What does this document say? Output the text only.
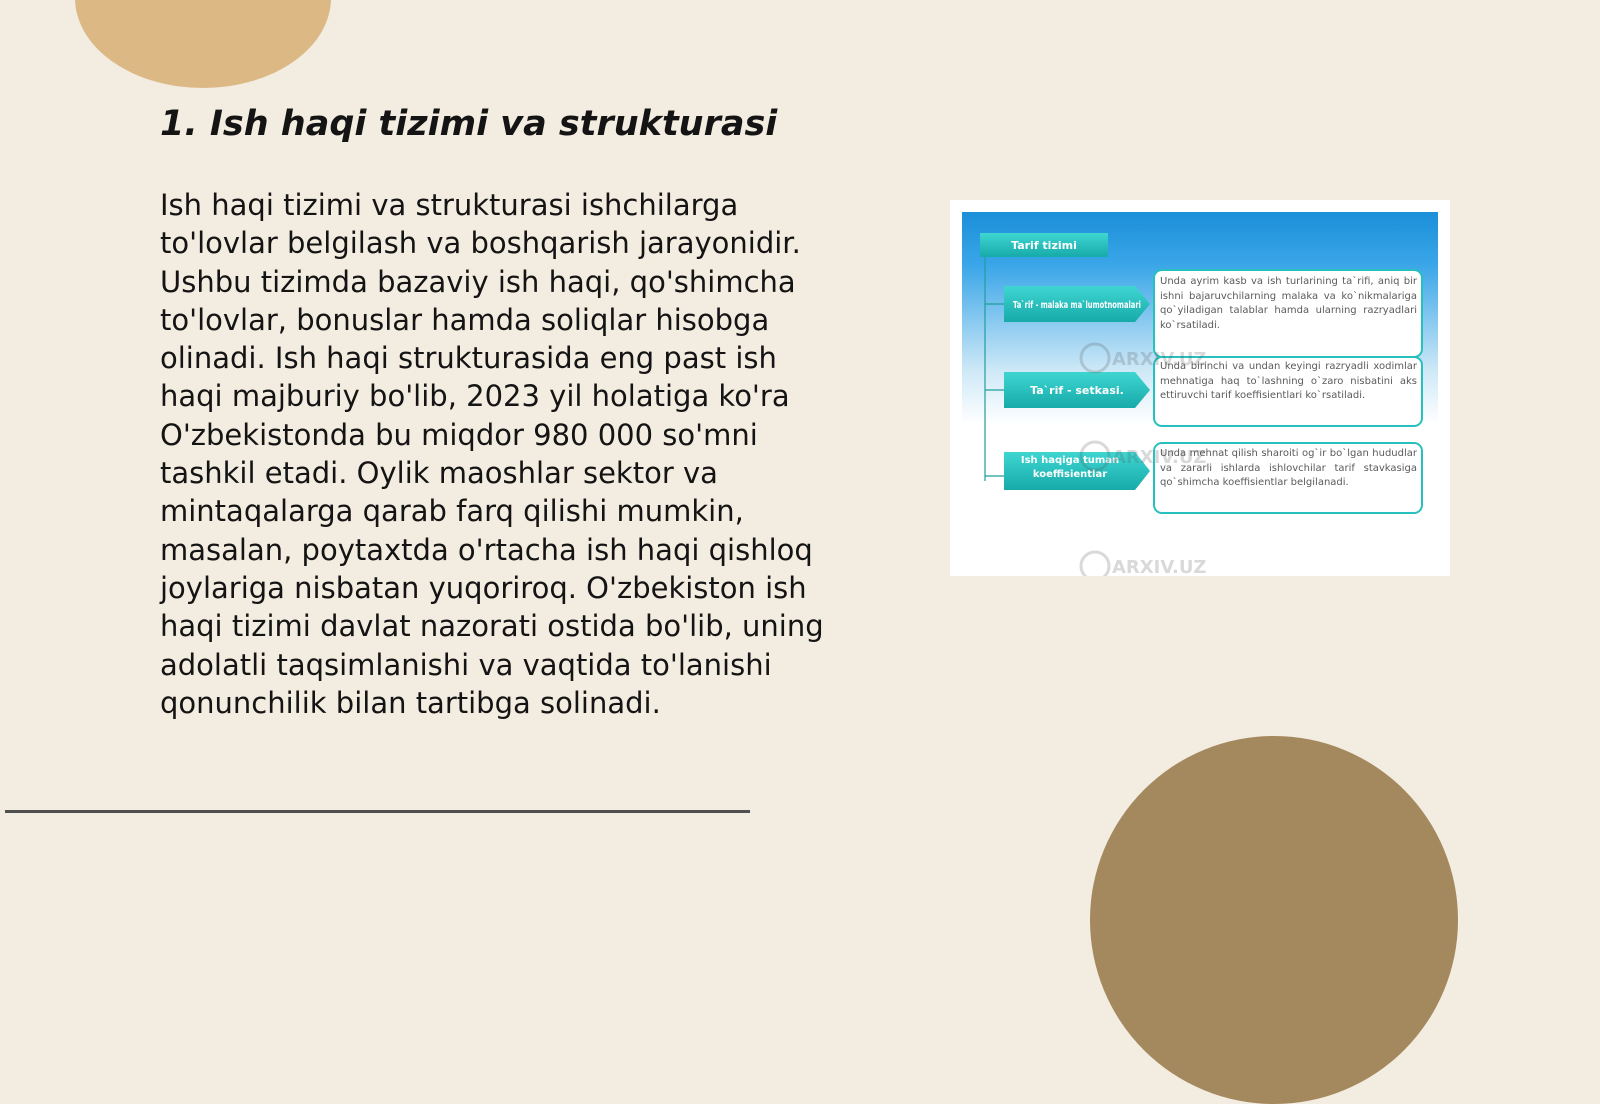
1. Ish haqi tizimi va strukturasi

Ish haqi tizimi va strukturasi ishchilarga to'lovlar belgilash va boshqarish jarayonidir. Ushbu tizimda bazaviy ish haqi, qo'shimcha to'lovlar, bonuslar hamda soliqlar hisobga olinadi. Ish haqi strukturasida eng past ish haqi majburiy bo'lib, 2023 yil holatiga ko'ra O'zbekistonda bu miqdor 980 000 so'mni tashkil etadi. Oylik maoshlar sektor va mintaqalarga qarab farq qilishi mumkin, masalan, poytaxtda o'rtacha ish haqi qishloq joylariga nisbatan yuqoriroq. O'zbekiston ish haqi tizimi davlat nazorati ostida bo'lib, uning adolatli taqsimlanishi va vaqtida to'lanishi qonunchilik bilan tartibga solinadi.

Tarif tizimi
Ta`rif - malaka ma`lumotnomalari
Unda ayrim kasb va ish turlarining ta`rifi, aniq bir ishni bajaruvchilarning malaka va ko`nikmalariga qo`yiladigan talablar hamda ularning razryadlari ko`rsatiladi.
Ta`rif - setkasi.
Unda birinchi va undan keyingi razryadli xodimlar mehnatiga haq to`lashning o`zaro nisbatini aks ettiruvchi tarif koeffisientlari ko`rsatiladi.
Ish haqiga tuman koeffisientlar
Unda mehnat qilish sharoiti og`ir bo`lgan hududlar va zararli ishlarda ishlovchilar tarif stavkasiga qo`shimcha koeffisientlar belgilanadi.
ARXIV.UZ
ARXIV.UZ
ARXIV.UZ
